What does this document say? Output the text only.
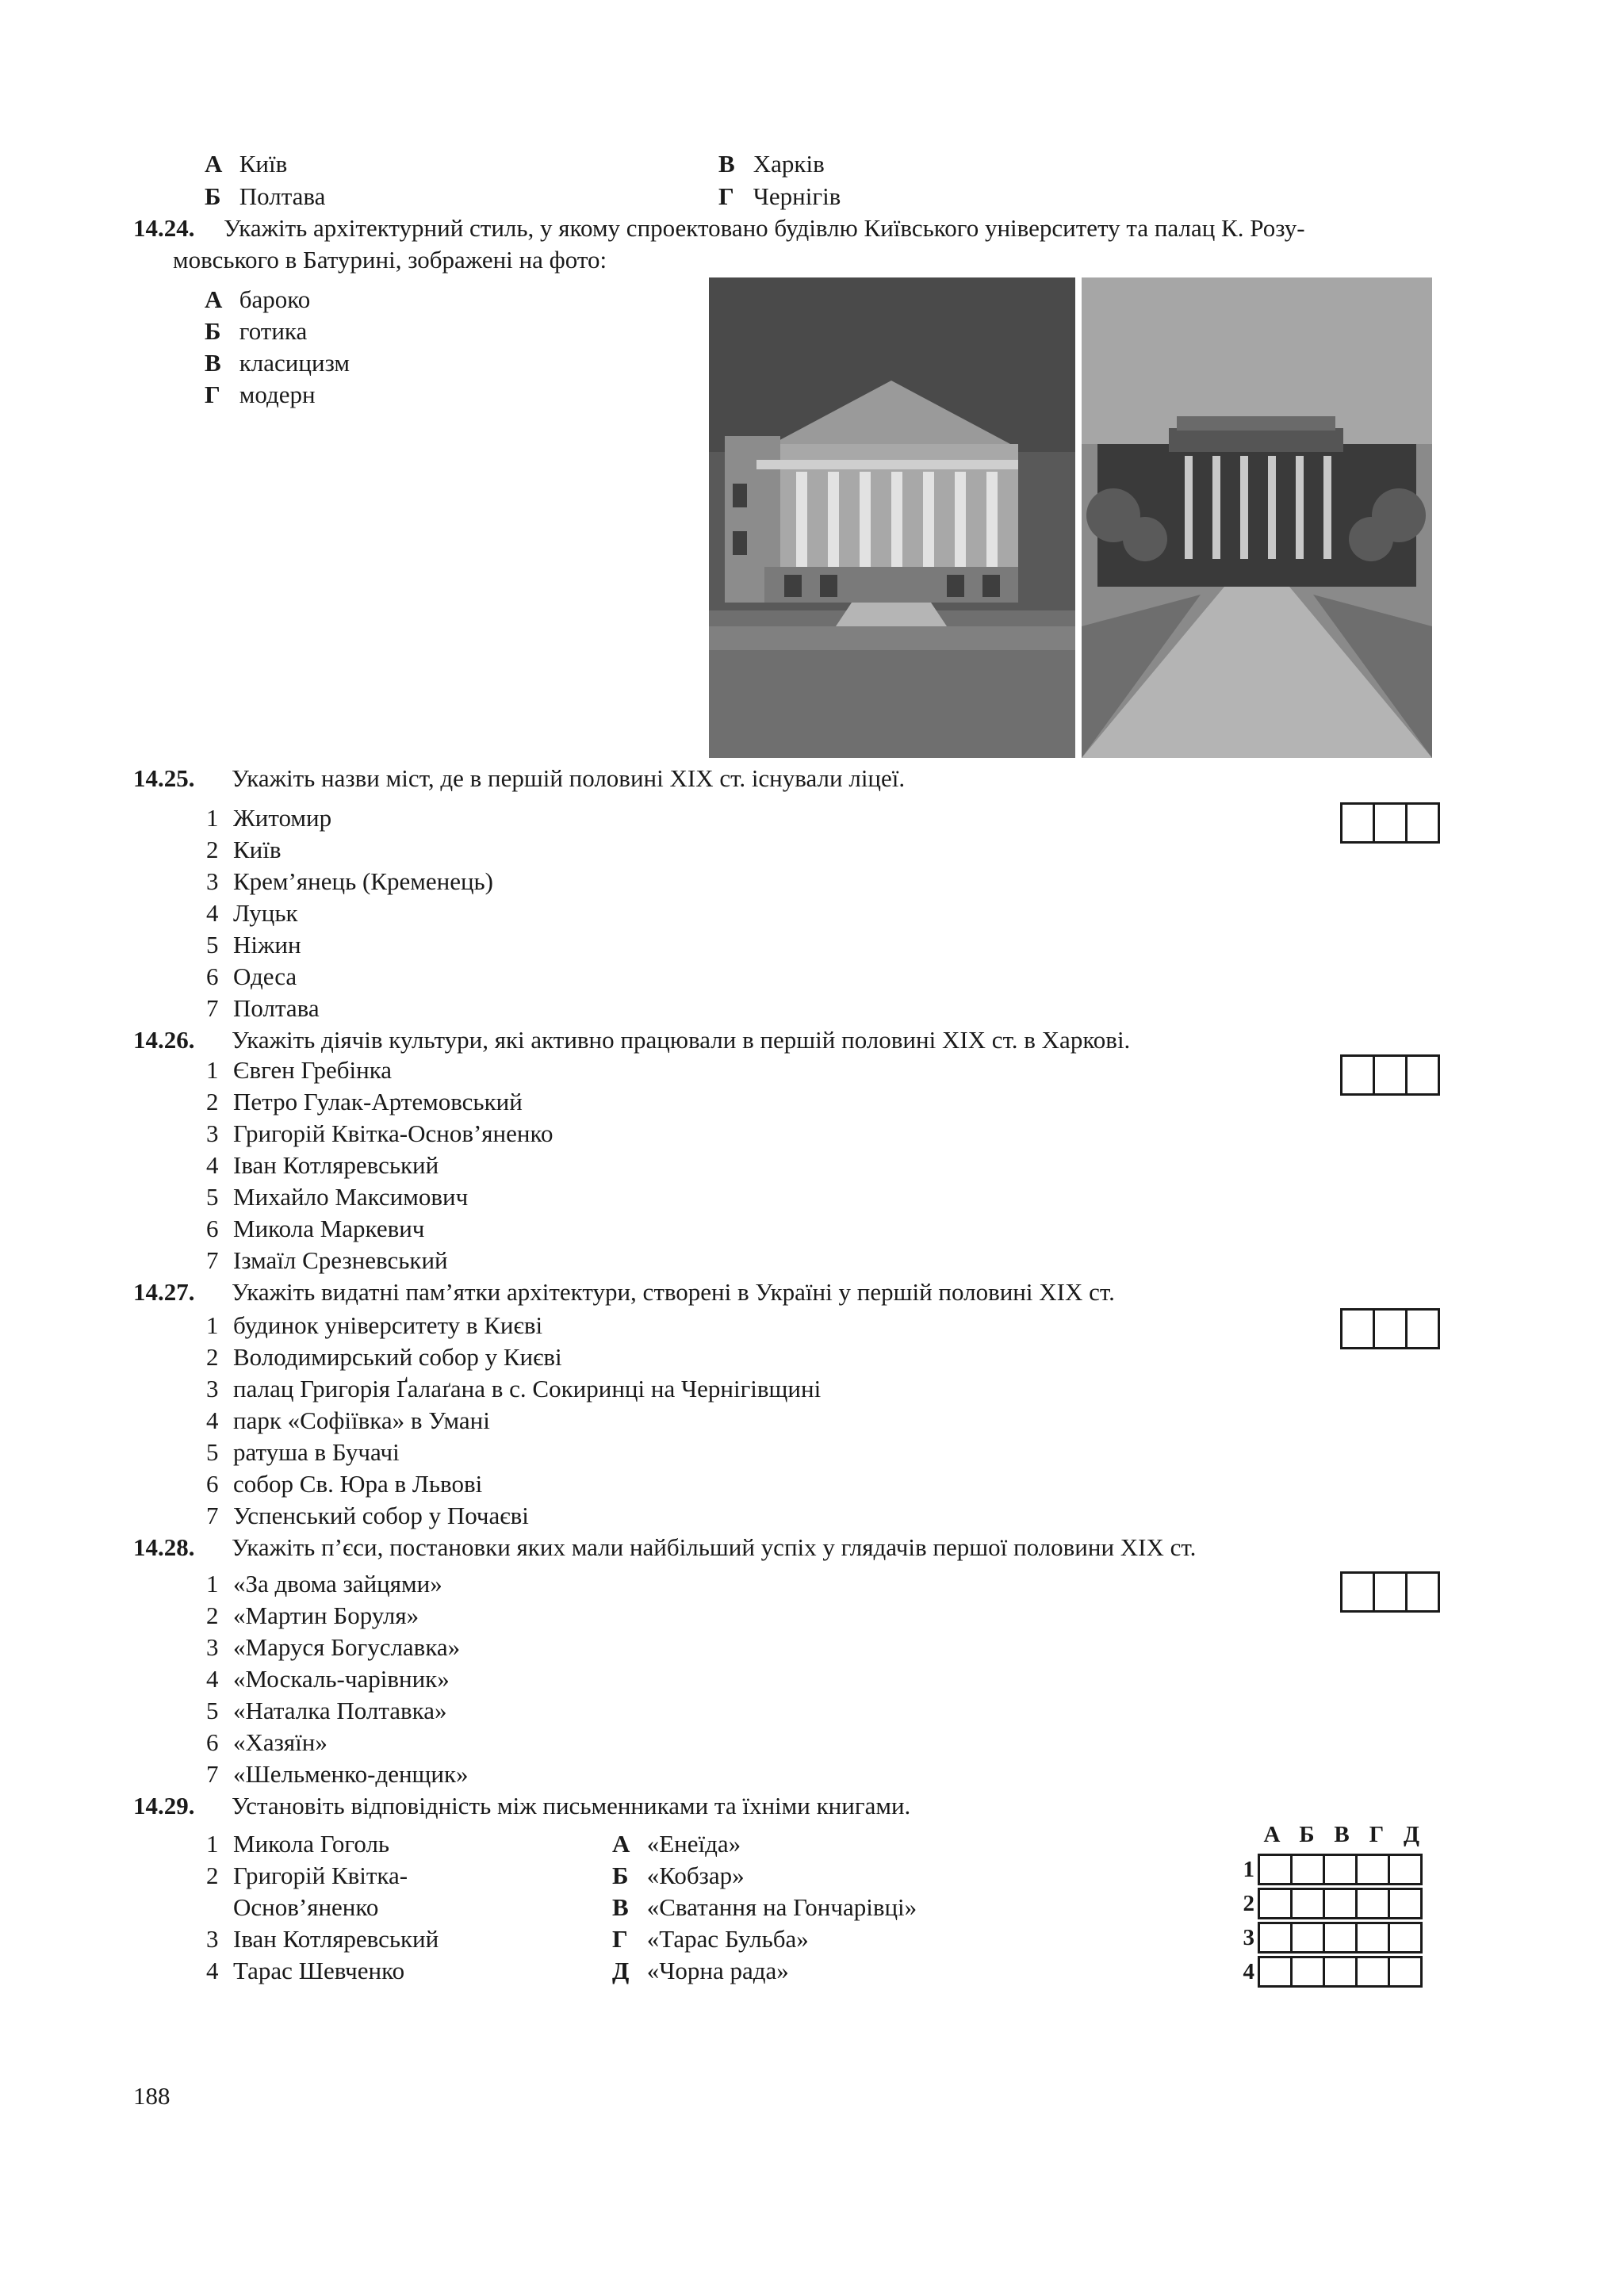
А Київ
Б Полтава
В Харків
Г Чернігів
14.24. Укажіть архітектурний стиль, у якому спроектовано будівлю Київського університету та палац К. Розу-
мовського в Батурині, зображені на фото:
А бароко
Б готика
В класицизм
Г модерн
14.25. Укажіть назви міст, де в першій половині XIX ст. існували ліцеї.
1 Житомир
2 Київ
3 Крем’янець (Кременець)
4 Луцьк
5 Ніжин
6 Одеса
7 Полтава
14.26. Укажіть діячів культури, які активно працювали в першій половині XIX ст. в Харкові.
1 Євген Гребінка
2 Петро Гулак-Артемовський
3 Григорій Квітка-Основ’яненко
4 Іван Котляревський
5 Михайло Максимович
6 Микола Маркевич
7 Ізмаїл Срезневський
14.27. Укажіть видатні пам’ятки архітектури, створені в Україні у першій половині XIX ст.
1 будинок університету в Києві
2 Володимирський собор у Києві
3 палац Григорія Ґалаґана в с. Сокиринці на Чернігівщині
4 парк «Софіївка» в Умані
5 ратуша в Бучачі
6 собор Св. Юра в Львові
7 Успенський собор у Почаєві
14.28. Укажіть п’єси, постановки яких мали найбільший успіх у глядачів першої половини XIX ст.
1 «За двома зайцями»
2 «Мартин Боруля»
3 «Маруся Богуславка»
4 «Москаль-чарівник»
5 «Наталка Полтавка»
6 «Хазяїн»
7 «Шельменко-денщик»
14.29. Установіть відповідність між письменниками та їхніми книгами.
1 Микола Гоголь
2 Григорій Квітка-
Основ’яненко
3 Іван Котляревський
4 Тарас Шевченко
А «Енеїда»
Б «Кобзар»
В «Сватання на Гончарівці»
Г «Тарас Бульба»
Д «Чорна рада»
А Б В Г Д
1
2
3
4
188
